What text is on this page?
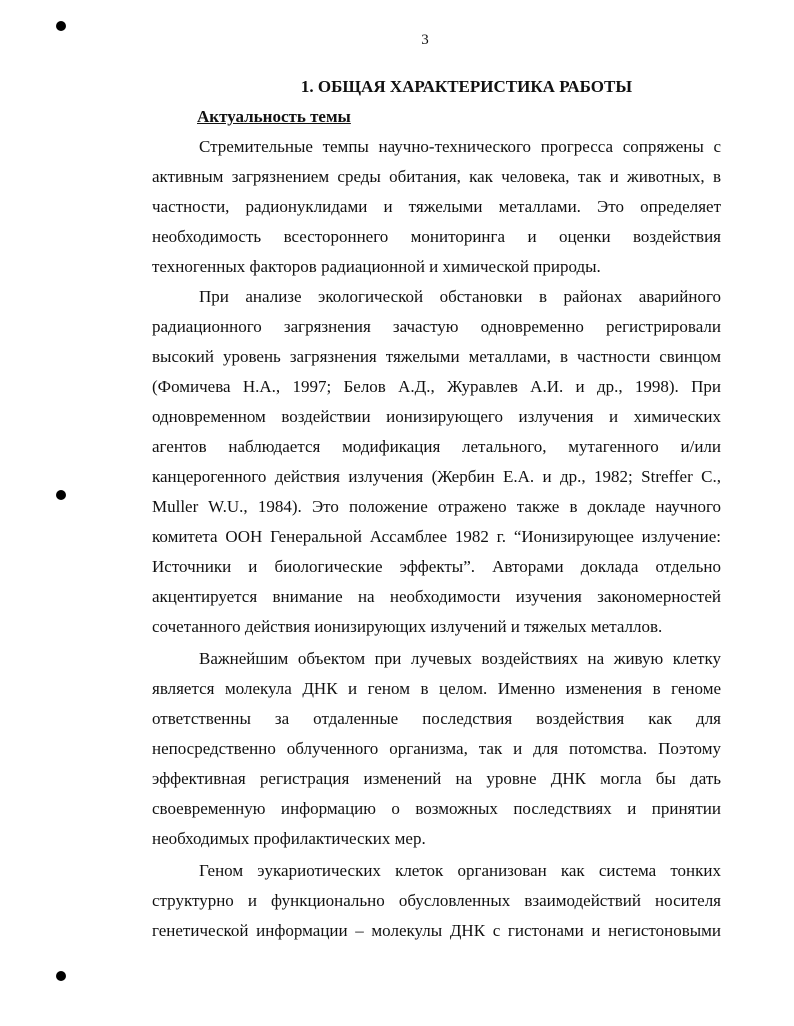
3
1. ОБЩАЯ ХАРАКТЕРИСТИКА РАБОТЫ
Актуальность темы
Стремительные темпы научно-технического прогресса сопряжены с
активным загрязнением среды обитания, как человека, так и животных, в
частности, радионуклидами и тяжелыми металлами. Это определяет
необходимость всестороннего мониторинга и оценки воздействия
техногенных факторов радиационной и химической природы.
При анализе экологической обстановки в районах аварийного
радиационного загрязнения зачастую одновременно регистрировали
высокий уровень загрязнения тяжелыми металлами, в частности свинцом
(Фомичева Н.А., 1997; Белов А.Д., Журавлев А.И. и др., 1998). При
одновременном воздействии ионизирующего излучения и химических
агентов наблюдается модификация летального, мутагенного и/или
канцерогенного действия излучения (Жербин Е.А. и др., 1982; Streffer C.,
Muller W.U., 1984). Это положение отражено также в докладе научного
комитета ООН Генеральной Ассамблее 1982 г. “Ионизирующее излучение:
Источники и биологические эффекты”. Авторами доклада отдельно
акцентируется внимание на необходимости изучения закономерностей
сочетанного действия ионизирующих излучений и тяжелых металлов.
Важнейшим объектом при лучевых воздействиях на живую клетку
является молекула ДНК и геном в целом. Именно изменения в геноме
ответственны за отдаленные последствия воздействия как для
непосредственно облученного организма, так и для потомства. Поэтому
эффективная регистрация изменений на уровне ДНК могла бы дать
своевременную информацию о возможных последствиях и принятии
необходимых профилактических мер.
Геном эукариотических клеток организован как система тонких
структурно и функционально обусловленных взаимодействий носителя
генетической информации – молекулы ДНК с гистонами и негистоновыми
